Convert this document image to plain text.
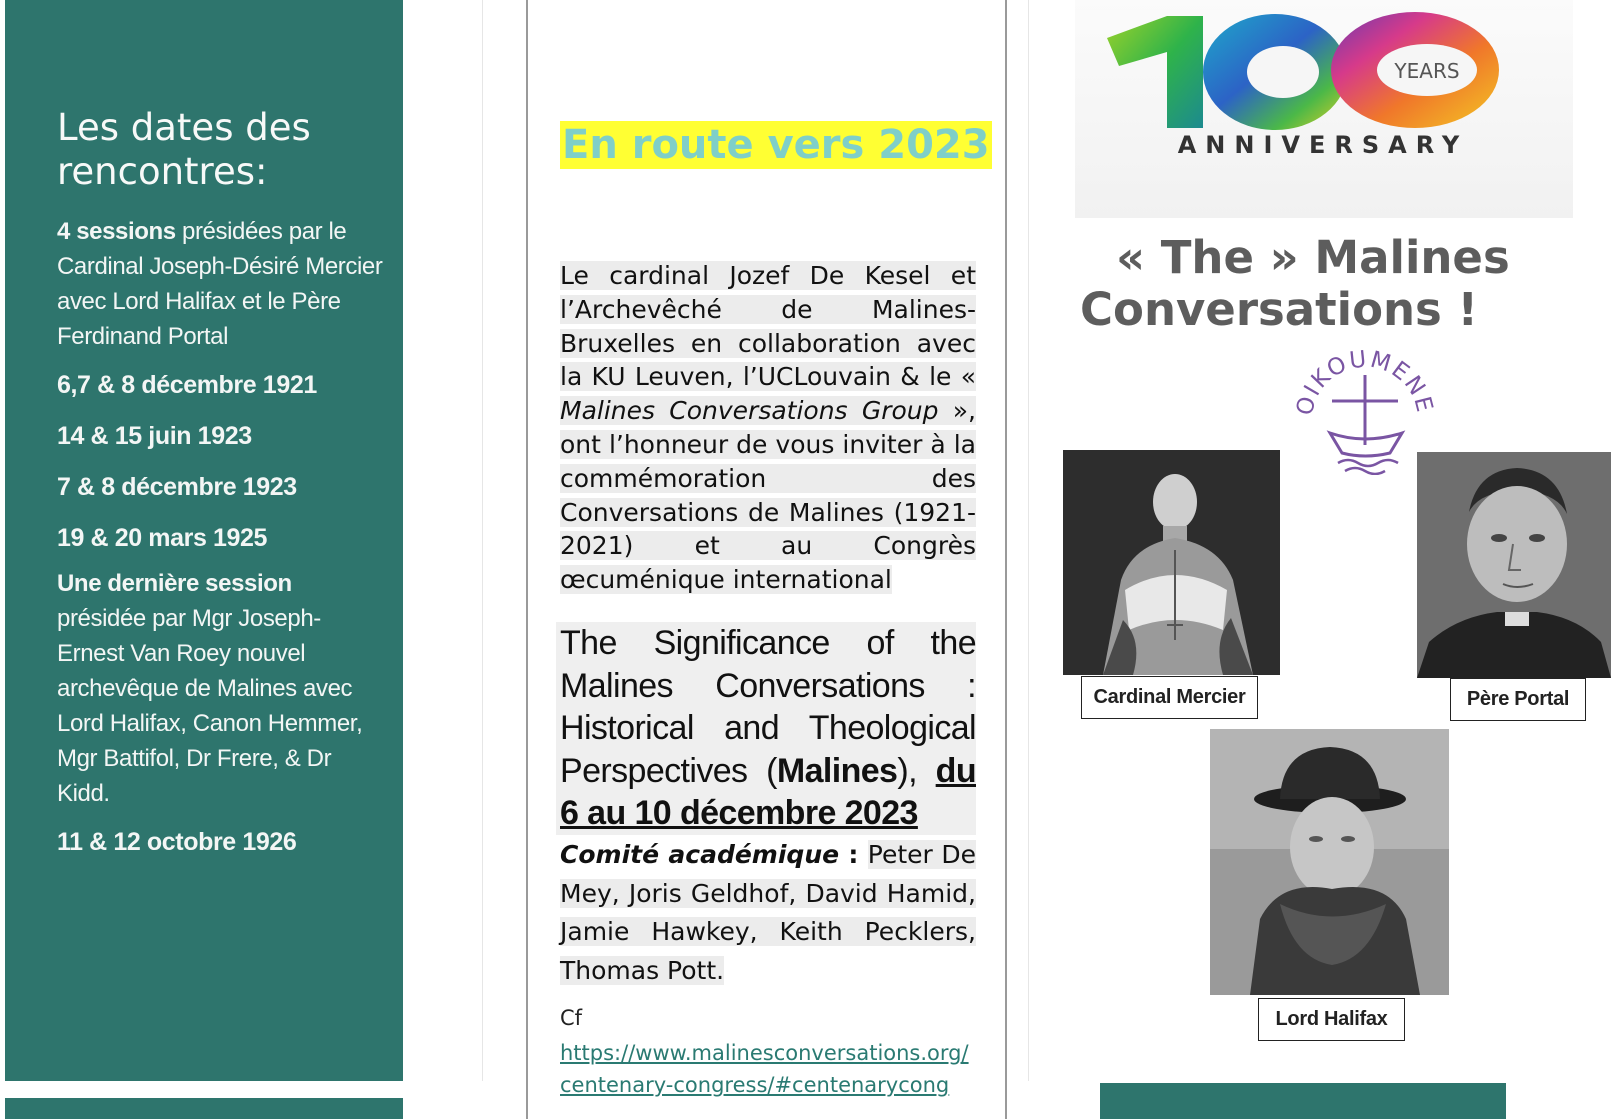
Les dates des rencontres:

4 sessions présidées par le Cardinal Joseph-Désiré Mercier avec Lord Halifax et le Père Ferdinand Portal

6,7 & 8 décembre 1921

14 & 15 juin 1923

7 & 8 décembre 1923

19 & 20 mars 1925

Une dernière session présidée par Mgr Joseph-Ernest Van Roey nouvel archevêque de Malines avec Lord Halifax, Canon Hemmer, Mgr Battifol, Dr Frere, & Dr Kidd.

11 & 12 octobre 1926

En route vers 2023
Le cardinal Jozef De Kesel et l’Archevêché de Malines-Bruxelles en collaboration avec la KU Leuven, l’UCLouvain & le « Malines Conversations Group », ont l’honneur de vous inviter à la commémoration des Conversations de Malines (1921-2021) et au Congrès œcuménique international
The Significance of the Malines Conversations : Historical and Theological Perspectives (Malines), du 6 au 10 décembre 2023
Comité académique : Peter De Mey, Joris Geldhof, David Hamid, Jamie Hawkey, Keith Pecklers, Thomas Pott.
Cf
https://www.malinesconversations.org/centenary-congress/#centenarycong
YEARS
ANNIVERSARY
« The » Malines
Conversations !
OIKOUMENE
Cardinal Mercier	Père Portal
Lord Halifax
